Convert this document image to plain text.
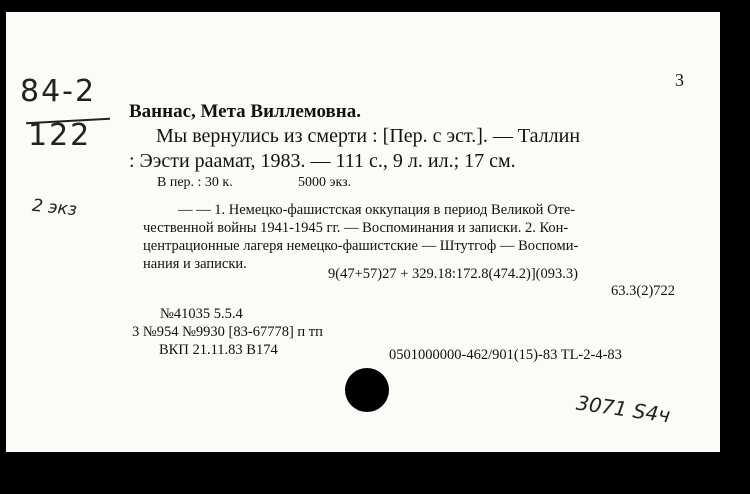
84-2
122
2 экз
3
Ваннас, Мета Виллемовна.
Мы вернулись из смерти : [Пер. с эст.]. — Таллин
: Ээсти раамат, 1983. — 111 с., 9 л. ил.; 17 см.
В пер. : 30 к.	5000 экз.
— — 1. Немецко-фашистская оккупация в период Великой Оте-
чественной войны 1941-1945 гг. — Воспоминания и записки. 2. Кон-
центрационные лагеря немецко-фашистские — Штутгоф — Воспоми-
нания и записки.
9(47+57)27 + 329.18:172.8(474.2)](093.3)
63.3(2)722
№41035 5.5.4
3 №954 №9930 [83-67778] п тп
ВКП 21.11.83 В174	0501000000-462/901(15)-83 TL-2-4-83
3071 Ѕ4ч
